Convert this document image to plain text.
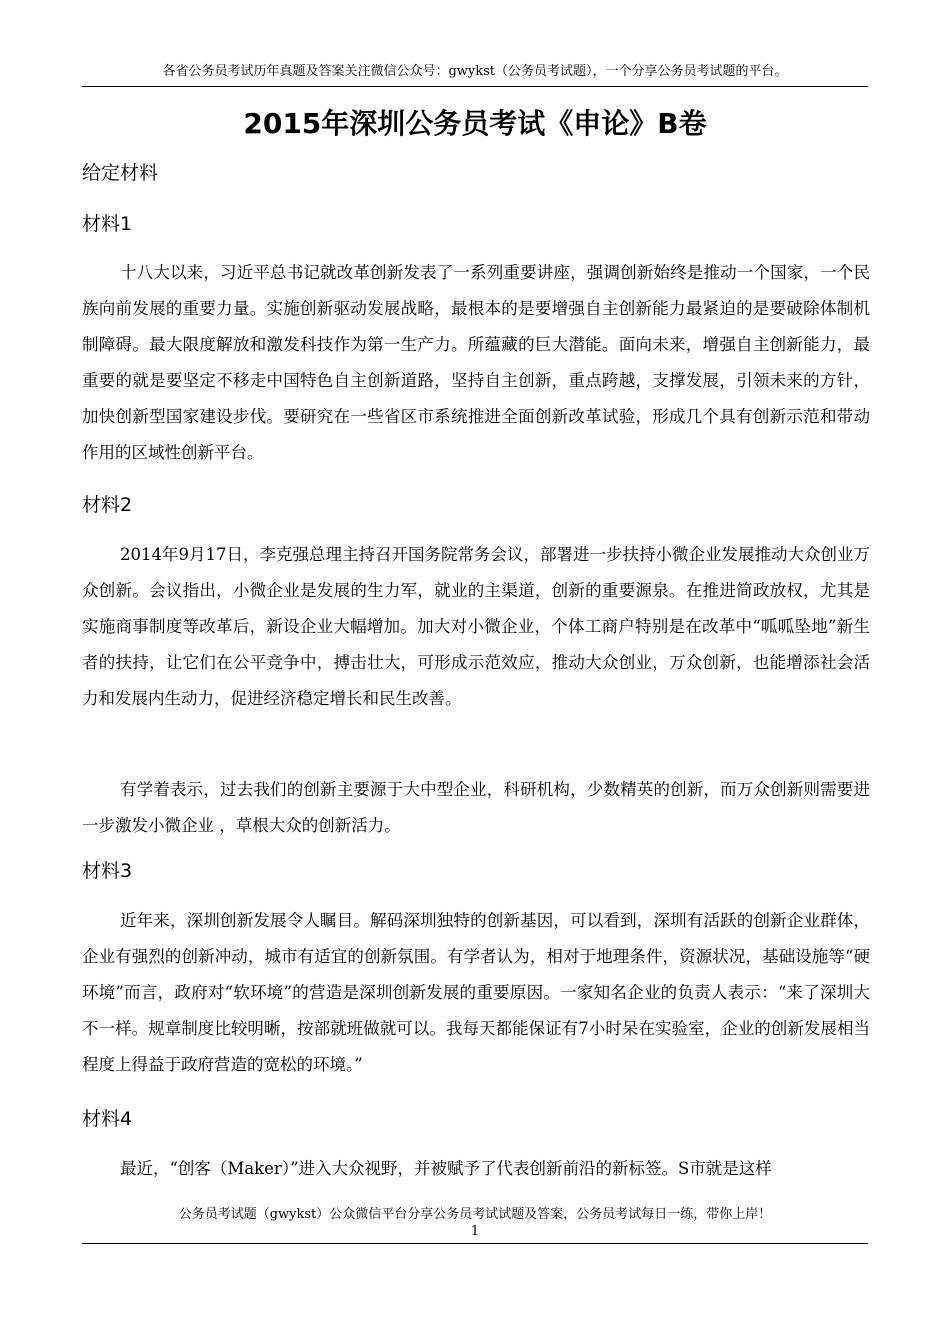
各省公务员考试历年真题及答案关注微信公众号：gwykst（公务员考试题），一个分享公务员考试题的平台。
2015年深圳公务员考试《申论》B卷
给定材料
材料1
十八大以来，习近平总书记就改革创新发表了一系列重要讲座，强调创新始终是推动一个国家，一个民族向前发展的重要力量。实施创新驱动发展战略，最根本的是要增强自主创新能力最紧迫的是要破除体制机制障碍。最大限度解放和激发科技作为第一生产力。所蕴藏的巨大潜能。面向未来，增强自主创新能力，最重要的就是要坚定不移走中国特色自主创新道路，坚持自主创新，重点跨越，支撑发展，引领未来的方针，加快创新型国家建设步伐。要研究在一些省区市系统推进全面创新改革试验，形成几个具有创新示范和带动作用的区域性创新平台。
材料2
2014年9月17日，李克强总理主持召开国务院常务会议，部署进一步扶持小微企业发展推动大众创业万众创新。会议指出，小微企业是发展的生力军，就业的主渠道，创新的重要源泉。在推进简政放权，尤其是实施商事制度等改革后，新设企业大幅增加。加大对小微企业，个体工商户特别是在改革中“呱呱坠地”新生者的扶持，让它们在公平竞争中，搏击壮大，可形成示范效应，推动大众创业，万众创新，也能增添社会活力和发展内生动力，促进经济稳定增长和民生改善。
有学着表示，过去我们的创新主要源于大中型企业，科研机构，少数精英的创新，而万众创新则需要进一步激发小微企业 ，草根大众的创新活力。
材料3
近年来，深圳创新发展令人瞩目。解码深圳独特的创新基因，可以看到，深圳有活跃的创新企业群体，企业有强烈的创新冲动，城市有适宜的创新氛围。有学者认为，相对于地理条件，资源状况，基础设施等“硬环境”而言，政府对“软环境”的营造是深圳创新发展的重要原因。一家知名企业的负责人表示：“来了深圳大不一样。规章制度比较明晰，按部就班做就可以。我每天都能保证有7小时呆在实验室，企业的创新发展相当程度上得益于政府营造的宽松的环境。”
材料4
最近，“创客（Maker）”进入大众视野，并被赋予了代表创新前沿的新标签。S市就是这样
公务员考试题（gwykst）公众微信平台分享公务员考试试题及答案，公务员考试每日一练，带你上岸！
1
